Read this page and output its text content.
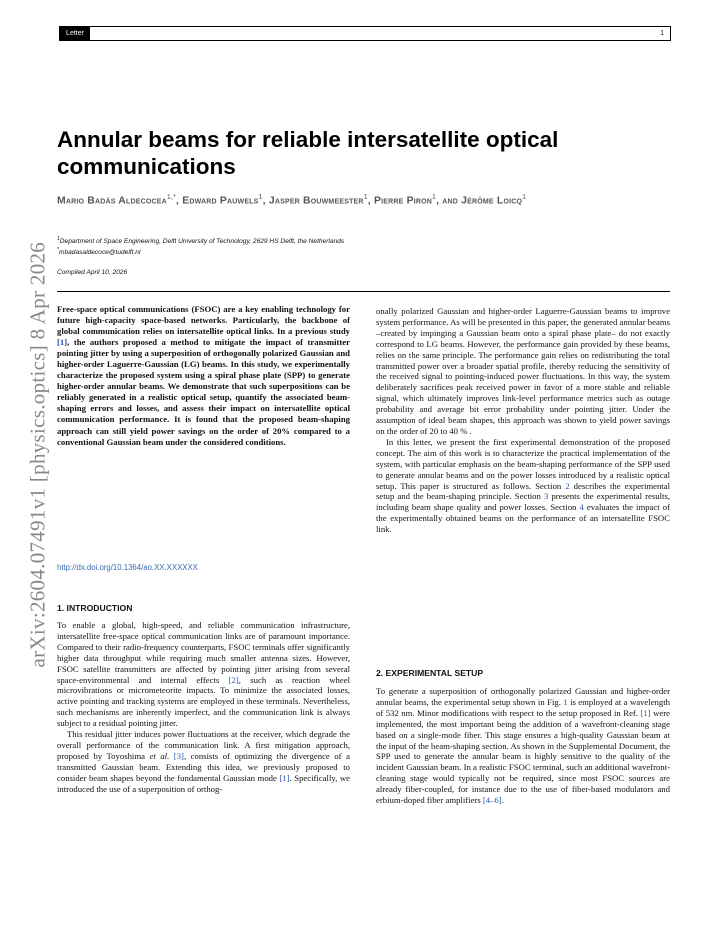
Letter	1
arXiv:2604.07491v1 [physics.optics] 8 Apr 2026
Annular beams for reliable intersatellite optical communications
Mario Badás Aldecocea$^{1,*}$, Edward Pauwels$^1$, Jasper Bouwmeester$^1$, Pierre Piron$^1$, and Jérôme Loicq$^1$
$^1$Department of Space Engineering, Delft University of Technology, 2629 HS Delft, the Netherlands
*mbadasaldecoce@tudelft.nl
Compiled April 10, 2026
Free-space optical communications (FSOC) are a key enabling technology for future high-capacity space-based networks. Particularly, the backbone of global communication relies on intersatellite optical links. In a previous study [1], the authors proposed a method to mitigate the impact of transmitter pointing jitter by using a superposition of orthogonally polarized Gaussian and higher-order Laguerre-Gaussian (LG) beams. In this study, we experimentally characterize the proposed system using a spiral phase plate (SPP) to generate higher-order annular beams. We demonstrate that such superpositions can be reliably generated in a realistic optical setup, quantify the associated beam-shaping errors and losses, and assess their impact on intersatellite optical communication performance. It is found that the proposed beam-shaping approach can still yield power savings on the order of 20% compared to a conventional Gaussian beam under the considered conditions.
http://dx.doi.org/10.1364/ao.XX.XXXXXX
1. INTRODUCTION

To enable a global, high-speed, and reliable communication infrastructure, intersatellite free-space optical communication links are of paramount importance. Compared to their radio-frequency counterparts, FSOC terminals offer significantly higher data throughput while requiring much smaller antenna sizes. However, FSOC satellite transmitters are affected by pointing jitter arising from several space-environmental and internal effects [2], such as reaction wheel microvibrations or micrometeorite impacts. To minimize the associated losses, active pointing and tracking systems are employed in these terminals. Nevertheless, such mechanisms are inherently imperfect, and the communication link is always subject to a residual pointing jitter.

This residual jitter induces power fluctuations at the receiver, which degrade the overall performance of the communication link. A first mitigation approach, proposed by Toyoshima et al. [3], consists of optimizing the divergence of a transmitted Gaussian beam. Extending this idea, we previously proposed to consider beam shapes beyond the fundamental Gaussian mode [1]. Specifically, we introduced the use of a superposition of orthog-

onally polarized Gaussian and higher-order Laguerre-Gaussian beams to improve system performance. As will be presented in this paper, the generated annular beams –created by impinging a Gaussian beam onto a spiral phase plate– do not exactly correspond to LG beams. However, the performance gain provided by these beams, relies on the same principle. The performance gain relies on redistributing the total transmitted power over a broader spatial profile, thereby reducing the sensitivity of the received signal to pointing-induced power fluctuations. In this way, the system deliberately sacrifices peak received power in favor of a more stable and reliable signal, which ultimately improves link-level performance metrics such as outage probability and average bit error probability under pointing jitter. Under the assumption of ideal beam shapes, this approach was shown to yield power savings on the order of 20 to 40 % .

In this letter, we present the first experimental demonstration of the proposed concept. The aim of this work is to characterize the practical implementation of the system, with particular emphasis on the beam-shaping performance of the SPP used to generate annular beams and on the power losses introduced by a realistic optical setup. This paper is structured as follows. Section 2 describes the experimental setup and the beam-shaping principle. Section 3 presents the experimental results, including beam shape quality and power losses. Section 4 evaluates the impact of the experimentally obtained beams on the performance of an intersatellite FSOC link.

2. EXPERIMENTAL SETUP

To generate a superposition of orthogonally polarized Gaussian and higher-order annular beams, the experimental setup shown in Fig. 1 is employed at a wavelength of 532 nm. Minor modifications with respect to the setup proposed in Ref. [1] were implemented, the most important being the addition of a wavefront-cleaning stage based on a single-mode fiber. This stage ensures a high-quality Gaussian beam at the input of the beam-shaping section. As shown in the Supplemental Document, the SPP used to generate the annular beam is highly sensitive to the quality of the incident Gaussian beam. In a realistic FSOC terminal, such an additional wavefront-cleaning stage would typically not be required, since most FSOC sources are already fiber-coupled, for instance due to the use of fiber-based modulators and erbium-doped fiber amplifiers [4–6].
